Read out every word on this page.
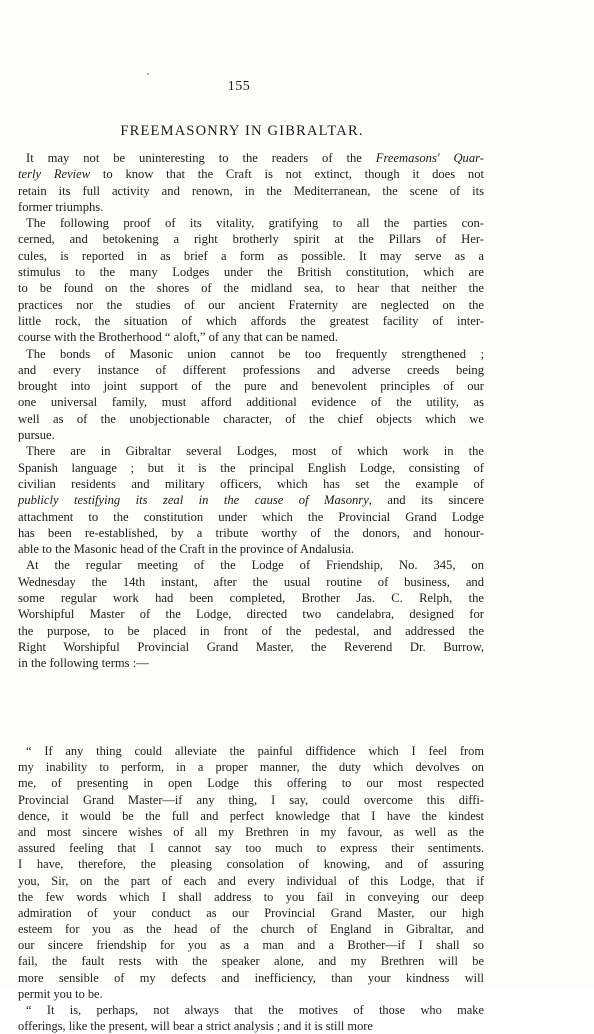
155
FREEMASONRY IN GIBRALTAR.
It may not be uninteresting to the readers of the Freemasons' Quar-
terly Review to know that the Craft is not extinct, though it does not
retain its full activity and renown, in the Mediterranean, the scene of its
former triumphs.
The following proof of its vitality, gratifying to all the parties con-
cerned, and betokening a right brotherly spirit at the Pillars of Her-
cules, is reported in as brief a form as possible. It may serve as a
stimulus to the many Lodges under the British constitution, which are
to be found on the shores of the midland sea, to hear that neither the
practices nor the studies of our ancient Fraternity are neglected on the
little rock, the situation of which affords the greatest facility of inter-
course with the Brotherhood “ aloft,” of any that can be named.
The bonds of Masonic union cannot be too frequently strengthened ;
and every instance of different professions and adverse creeds being
brought into joint support of the pure and benevolent principles of our
one universal family, must afford additional evidence of the utility, as
well as of the unobjectionable character, of the chief objects which we
pursue.
There are in Gibraltar several Lodges, most of which work in the
Spanish language ; but it is the principal English Lodge, consisting of
civilian residents and military officers, which has set the example of
publicly testifying its zeal in the cause of Masonry, and its sincere
attachment to the constitution under which the Provincial Grand Lodge
has been re-established, by a tribute worthy of the donors, and honour-
able to the Masonic head of the Craft in the province of Andalusia.
At the regular meeting of the Lodge of Friendship, No. 345, on
Wednesday the 14th instant, after the usual routine of business, and
some regular work had been completed, Brother Jas. C. Relph, the
Worshipful Master of the Lodge, directed two candelabra, designed for
the purpose, to be placed in front of the pedestal, and addressed the
Right Worshipful Provincial Grand Master, the Reverend Dr. Burrow,
in the following terms :—
“ If any thing could alleviate the painful diffidence which I feel from
my inability to perform, in a proper manner, the duty which devolves on
me, of presenting in open Lodge this offering to our most respected
Provincial Grand Master—if any thing, I say, could overcome this diffi-
dence, it would be the full and perfect knowledge that I have the kindest
and most sincere wishes of all my Brethren in my favour, as well as the
assured feeling that I cannot say too much to express their sentiments.
I have, therefore, the pleasing consolation of knowing, and of assuring
you, Sir, on the part of each and every individual of this Lodge, that if
the few words which I shall address to you fail in conveying our deep
admiration of your conduct as our Provincial Grand Master, our high
esteem for you as the head of the church of England in Gibraltar, and
our sincere friendship for you as a man and a Brother—if I shall so
fail, the fault rests with the speaker alone, and my Brethren will be
more sensible of my defects and inefficiency, than your kindness will
permit you to be.
“ It is, perhaps, not always that the motives of those who make
offerings, like the present, will bear a strict analysis ; and it is still more
